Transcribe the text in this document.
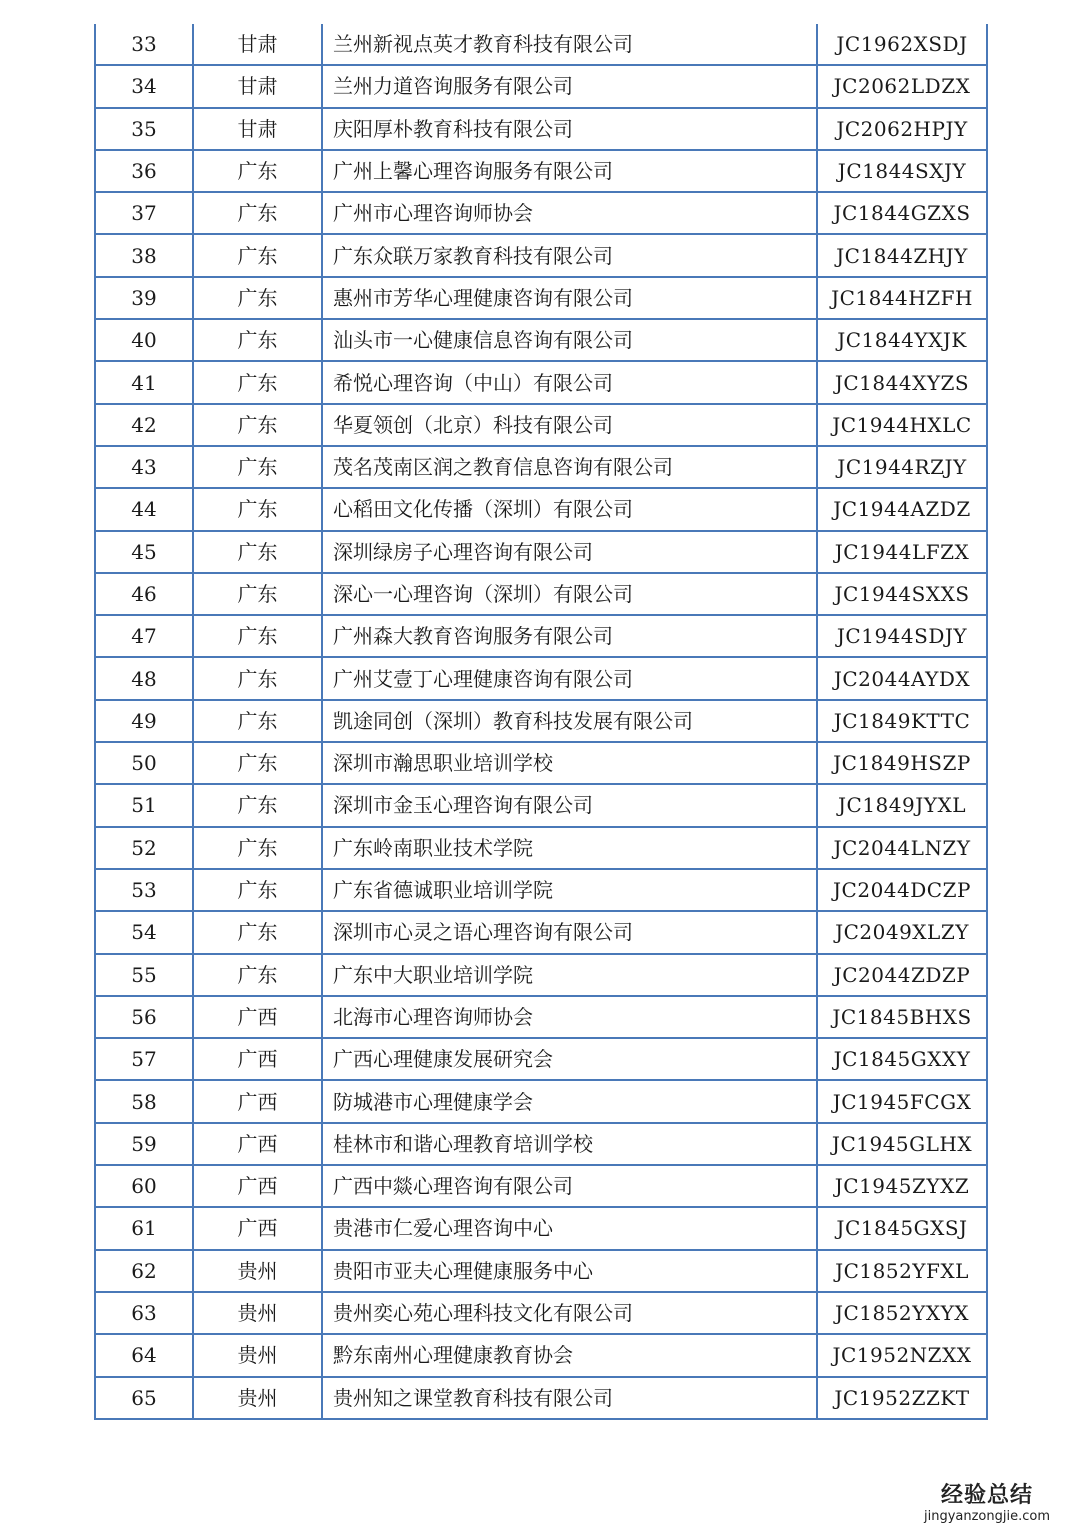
33	甘肃	兰州新视点英才教育科技有限公司	JC1962XSDJ
34	甘肃	兰州力道咨询服务有限公司	JC2062LDZX
35	甘肃	庆阳厚朴教育科技有限公司	JC2062HPJY
36	广东	广州上馨心理咨询服务有限公司	JC1844SXJY
37	广东	广州市心理咨询师协会	JC1844GZXS
38	广东	广东众联万家教育科技有限公司	JC1844ZHJY
39	广东	惠州市芳华心理健康咨询有限公司	JC1844HZFH
40	广东	汕头市一心健康信息咨询有限公司	JC1844YXJK
41	广东	希悦心理咨询（中山）有限公司	JC1844XYZS
42	广东	华夏领创（北京）科技有限公司	JC1944HXLC
43	广东	茂名茂南区润之教育信息咨询有限公司	JC1944RZJY
44	广东	心稻田文化传播（深圳）有限公司	JC1944AZDZ
45	广东	深圳绿房子心理咨询有限公司	JC1944LFZX
46	广东	深心一心理咨询（深圳）有限公司	JC1944SXXS
47	广东	广州森大教育咨询服务有限公司	JC1944SDJY
48	广东	广州艾壹丁心理健康咨询有限公司	JC2044AYDX
49	广东	凯途同创（深圳）教育科技发展有限公司	JC1849KTTC
50	广东	深圳市瀚思职业培训学校	JC1849HSZP
51	广东	深圳市金玉心理咨询有限公司	JC1849JYXL
52	广东	广东岭南职业技术学院	JC2044LNZY
53	广东	广东省德诚职业培训学院	JC2044DCZP
54	广东	深圳市心灵之语心理咨询有限公司	JC2049XLZY
55	广东	广东中大职业培训学院	JC2044ZDZP
56	广西	北海市心理咨询师协会	JC1845BHXS
57	广西	广西心理健康发展研究会	JC1845GXXY
58	广西	防城港市心理健康学会	JC1945FCGX
59	广西	桂林市和谐心理教育培训学校	JC1945GLHX
60	广西	广西中燚心理咨询有限公司	JC1945ZYXZ
61	广西	贵港市仁爱心理咨询中心	JC1845GXSJ
62	贵州	贵阳市亚夫心理健康服务中心	JC1852YFXL
63	贵州	贵州奕心苑心理科技文化有限公司	JC1852YXYX
64	贵州	黔东南州心理健康教育协会	JC1952NZXX
65	贵州	贵州知之课堂教育科技有限公司	JC1952ZZKT
经验总结
jingyanzongjie.com
